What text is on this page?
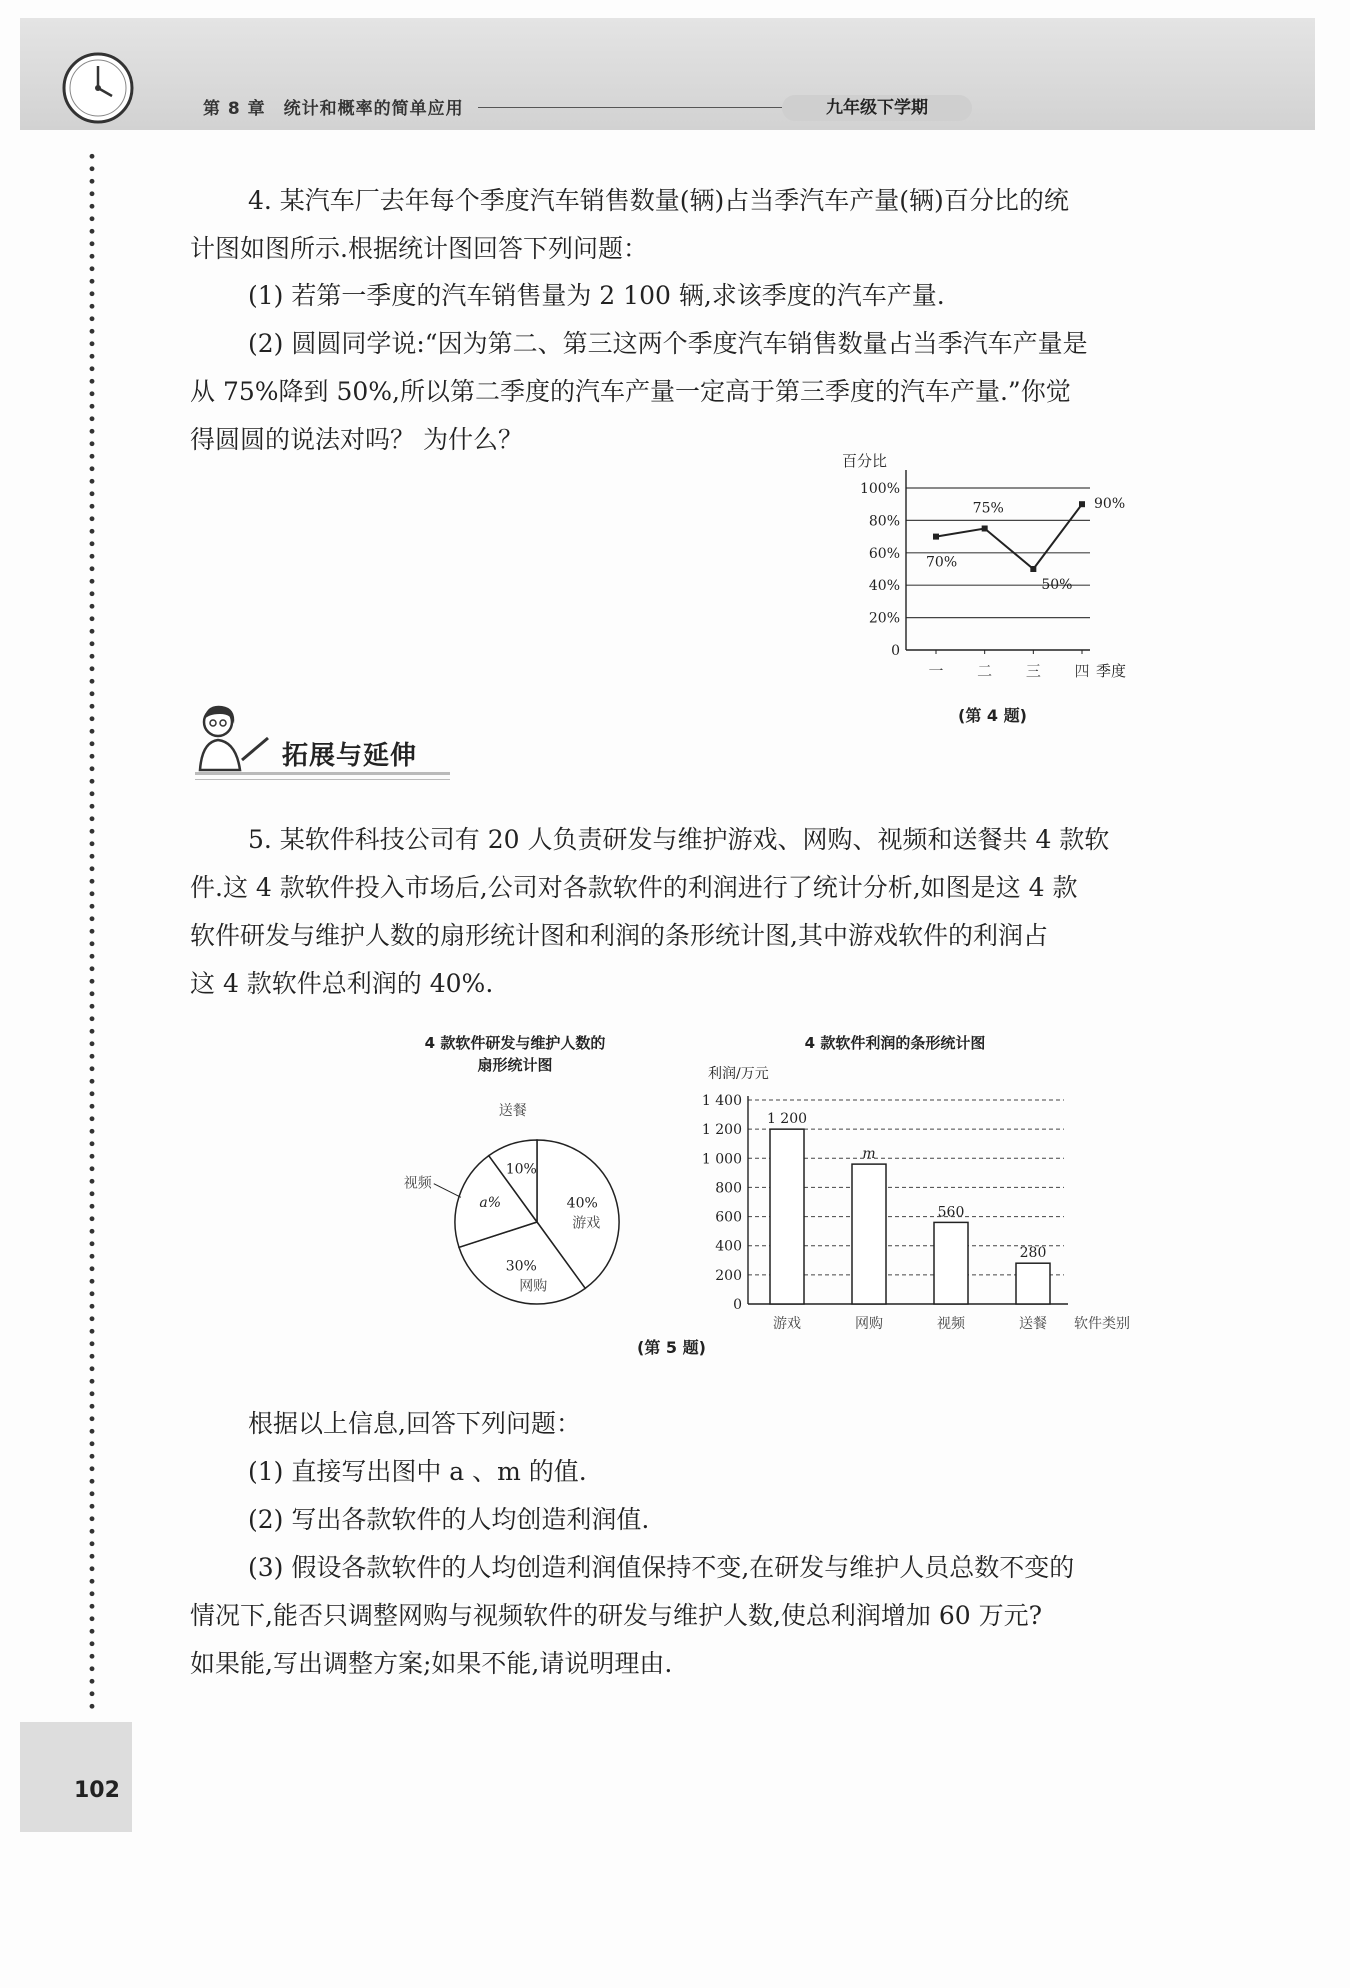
第 8 章 统计和概率的简单应用	九年级下学期

4. 某汽车厂去年每个季度汽车销售数量(辆)占当季汽车产量(辆)百分比的统
计图如图所示.根据统计图回答下列问题：

(1) 若第一季度的汽车销售量为 2 100 辆,求该季度的汽车产量.

(2) 圆圆同学说:“因为第二、第三这两个季度汽车销售数量占当季汽车产量是
从 75%降到 50%,所以第二季度的汽车产量一定高于第三季度的汽车产量.”你觉
得圆圆的说法对吗？ 为什么？

0
20%
40%
60%
80%
100%
百分比
一 二 三 四 季度
70%
75%
50%
90%
(第 4 题)
拓展与延伸

5. 某软件科技公司有 20 人负责研发与维护游戏、网购、视频和送餐共 4 款软
件.这 4 款软件投入市场后,公司对各款软件的利润进行了统计分析,如图是这 4 款
软件研发与维护人数的扇形统计图和利润的条形统计图,其中游戏软件的利润占
这 4 款软件总利润的 40%.

4 款软件研发与维护人数的
扇形统计图
40%
游戏
30%
网购
a%
视频
10%
送餐
4 款软件利润的条形统计图
利润/万元
0
200
400
600
800
1 000
1 200
1 400
1 200
游戏
m
网购
560
视频
280
送餐 软件类别
(第 5 题)

根据以上信息,回答下列问题：

(1) 直接写出图中 a 、m 的值.

(2) 写出各款软件的人均创造利润值.

(3) 假设各款软件的人均创造利润值保持不变,在研发与维护人员总数不变的
情况下,能否只调整网购与视频软件的研发与维护人数,使总利润增加 60 万元?
如果能,写出调整方案;如果不能,请说明理由.

102
